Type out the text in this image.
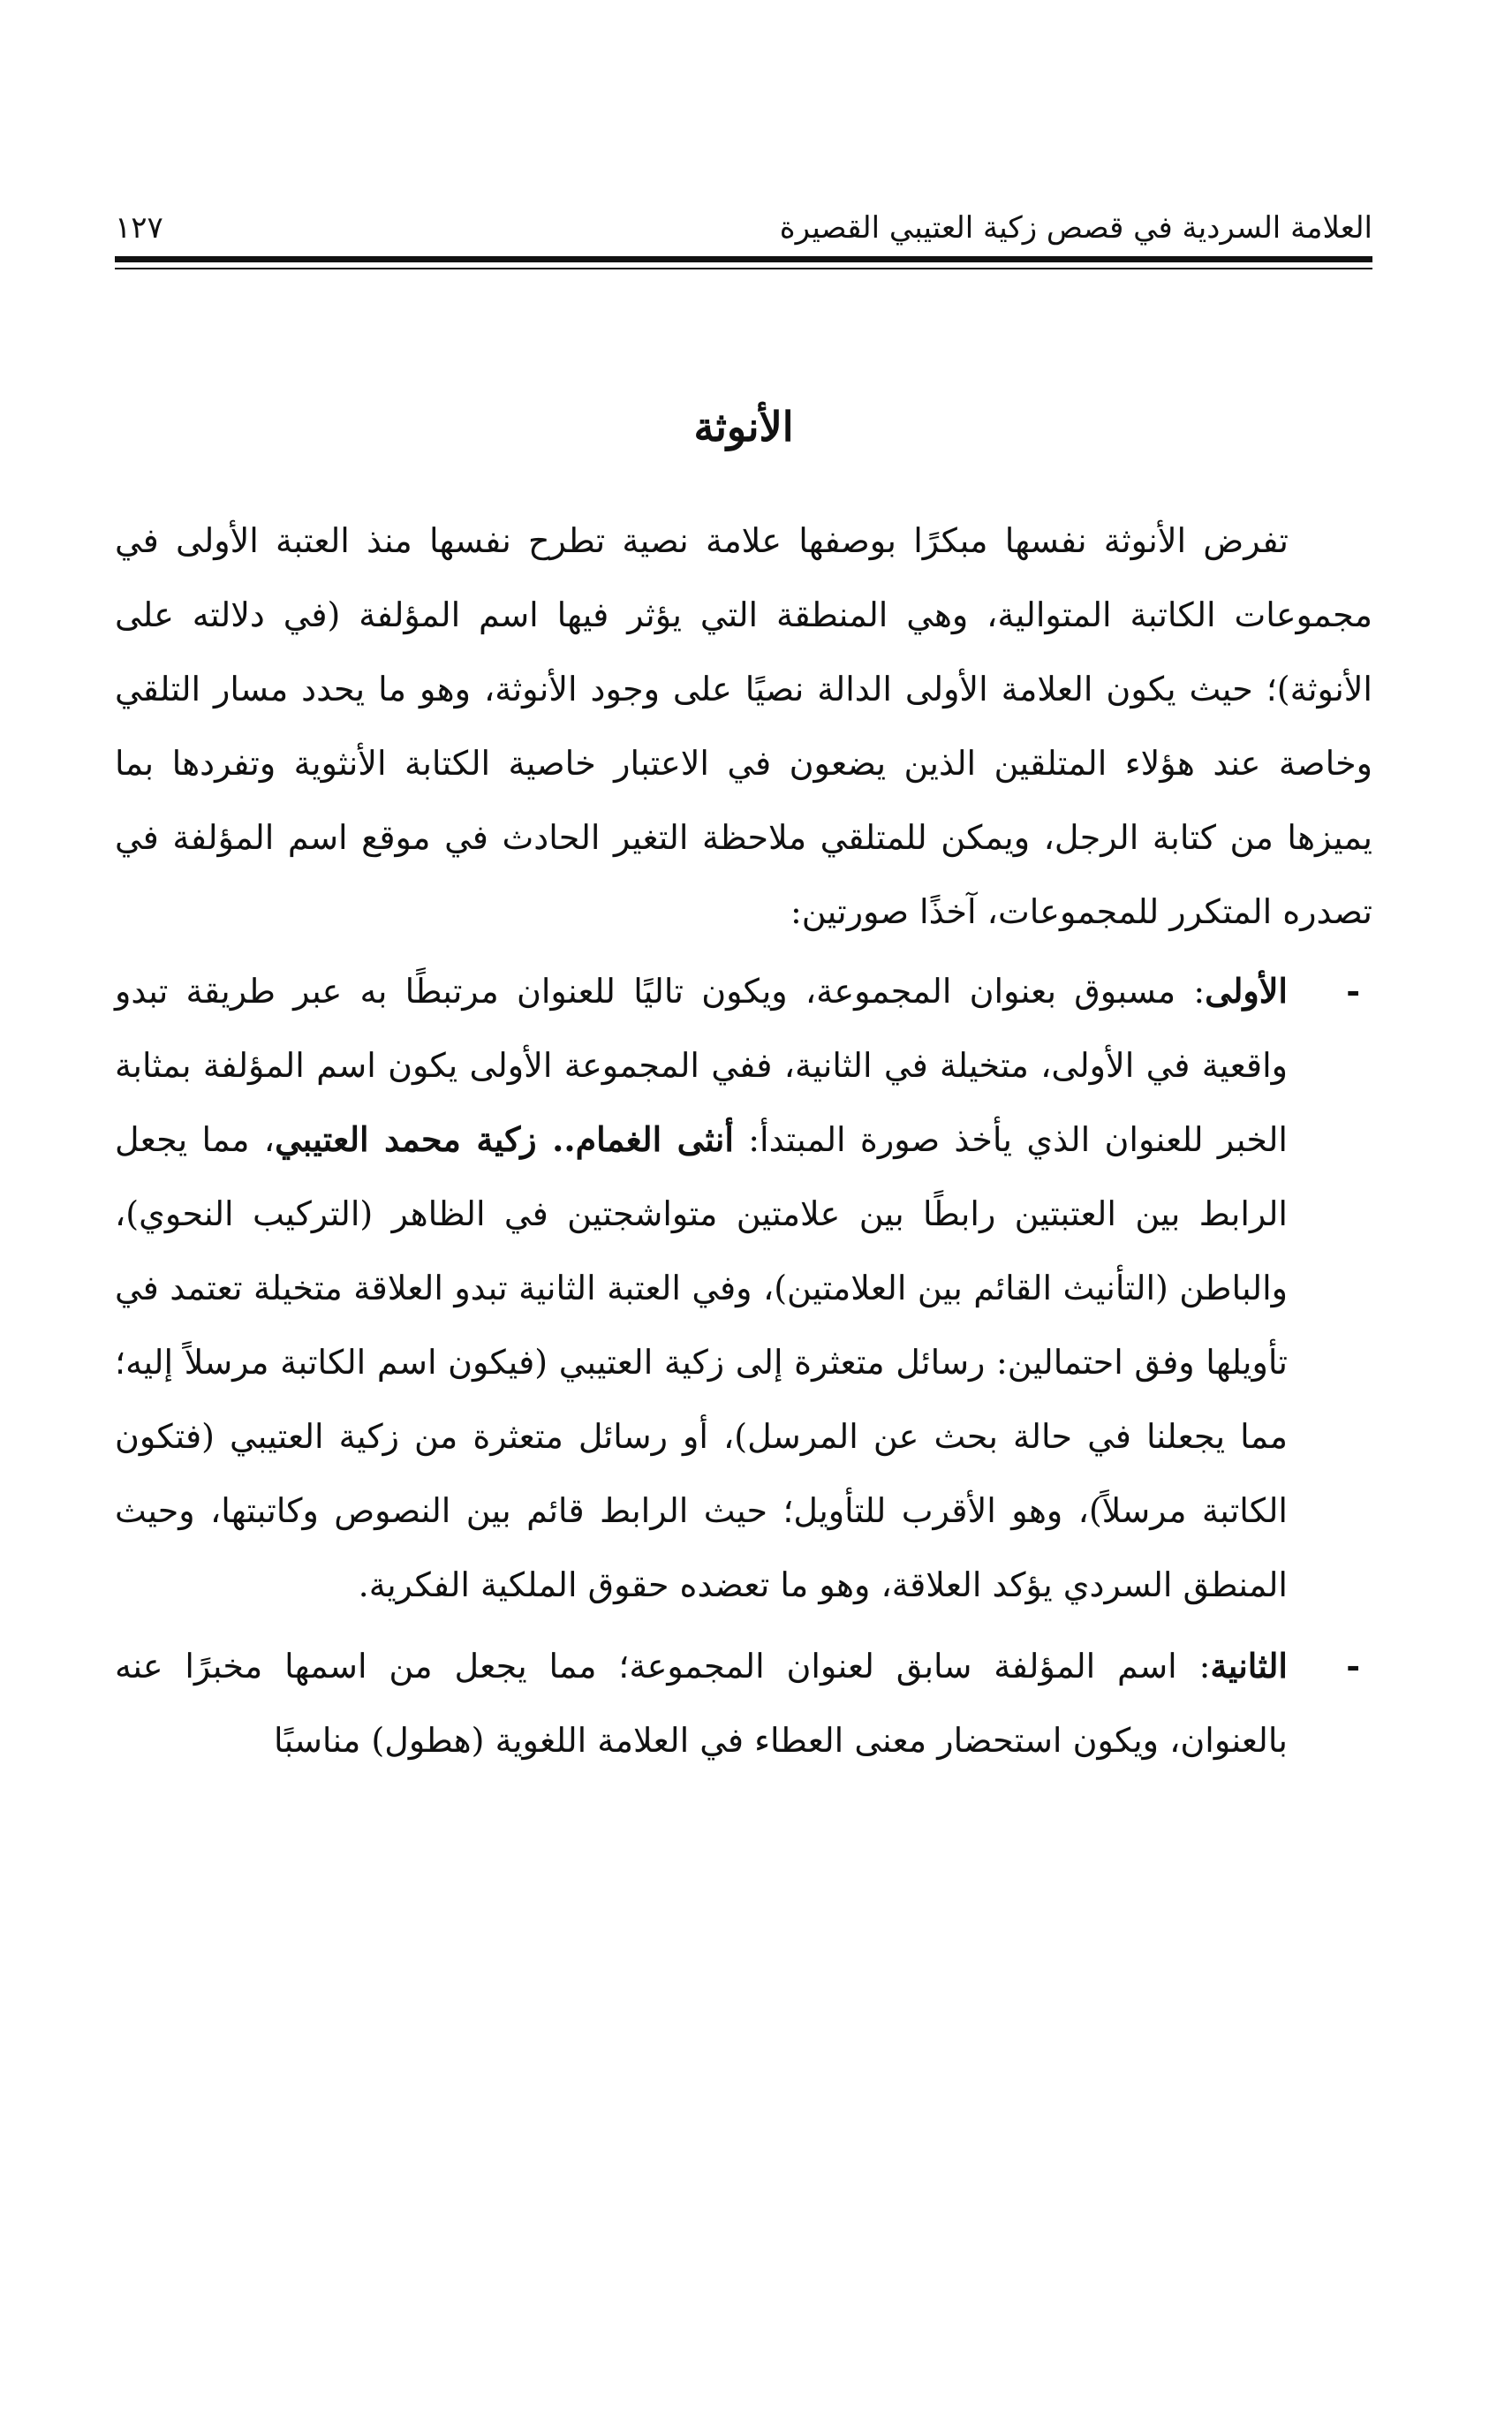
العلامة السردية في قصص زكية العتيبي القصيرة
١٢٧
الأنوثة

تفرض الأنوثة نفسها مبكرًا بوصفها علامة نصية تطرح نفسها منذ العتبة الأولى في مجموعات الكاتبة المتوالية، وهي المنطقة التي يؤثر فيها اسم المؤلفة (في دلالته على الأنوثة)؛ حيث يكون العلامة الأولى الدالة نصيًا على وجود الأنوثة، وهو ما يحدد مسار التلقي وخاصة عند هؤلاء المتلقين الذين يضعون في الاعتبار خاصية الكتابة الأنثوية وتفردها بما يميزها من كتابة الرجل، ويمكن للمتلقي ملاحظة التغير الحادث في موقع اسم المؤلفة في تصدره المتكرر للمجموعات، آخذًا صورتين:

-
الأولى: مسبوق بعنوان المجموعة، ويكون تاليًا للعنوان مرتبطًا به عبر طريقة تبدو واقعية في الأولى، متخيلة في الثانية، ففي المجموعة الأولى يكون اسم المؤلفة بمثابة الخبر للعنوان الذي يأخذ صورة المبتدأ: أنثى الغمام.. زكية محمد العتيبي، مما يجعل الرابط بين العتبتين رابطًا بين علامتين متواشجتين في الظاهر (التركيب النحوي)، والباطن (التأنيث القائم بين العلامتين)، وفي العتبة الثانية تبدو العلاقة متخيلة تعتمد في تأويلها وفق احتمالين: رسائل متعثرة إلى زكية العتيبي (فيكون اسم الكاتبة مرسلاً إليه؛ مما يجعلنا في حالة بحث عن المرسل)، أو رسائل متعثرة من زكية العتيبي (فتكون الكاتبة مرسلاً)، وهو الأقرب للتأويل؛ حيث الرابط قائم بين النصوص وكاتبتها، وحيث المنطق السردي يؤكد العلاقة، وهو ما تعضده حقوق الملكية الفكرية.
-
الثانية: اسم المؤلفة سابق لعنوان المجموعة؛ مما يجعل من اسمها مخبرًا عنه بالعنوان، ويكون استحضار معنى العطاء في العلامة اللغوية (هطول) مناسبًا
